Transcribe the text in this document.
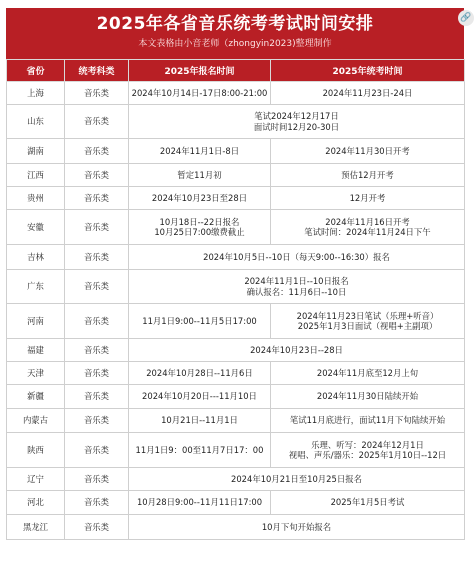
2025年各省音乐统考考试时间安排
本文表格由小音老师（zhongyin2023)整理制作
省份	统考科类	2025年报名时间	2025年统考时间
上海	音乐类	2024年10月14日-17日8:00-21:00	2024年11月23日-24日
山东	音乐类	笔试2024年12月17日
面试时间12月20-30日	
湖南	音乐类	2024年11月1日-8日	2024年11月30日开考
江西	音乐类	暂定11月初	预估12月开考
贵州	音乐类	2024年10月23日至28日	12月开考
安徽	音乐类	10月18日--22日报名
10月25日7:00缴费截止	2024年11月16日开考
笔试时间：2024年11月24日下午
吉林	音乐类	2024年10月5日--10日（每天9:00--16:30）报名	
广东	音乐类	2024年11月1日--10日报名
确认报名：11月6日--10日	
河南	音乐类	11月1日9:00--11月5日17:00	2024年11月23日笔试（乐理+听音）
2025年1月3日面试（视唱+主副项）
福建	音乐类	2024年10月23日--28日	
天津	音乐类	2024年10月28日--11月6日	2024年11月底至12月上旬
新疆	音乐类	2024年10月20日---11月10日	2024年11月30日陆续开始
内蒙古	音乐类	10月21日--11月1日	笔试11月底进行，面试11月下旬陆续开始
陕西	音乐类	11月1日9：00至11月7日17：00	乐理、听写：2024年12月1日
视唱、声乐/器乐：2025年1月10日--12日
辽宁	音乐类	2024年10月21日至10月25日报名	
河北	音乐类	10月28日9:00--11月11日17:00	2025年1月5日考试
黑龙江	音乐类	10月下旬开始报名	
🔗
